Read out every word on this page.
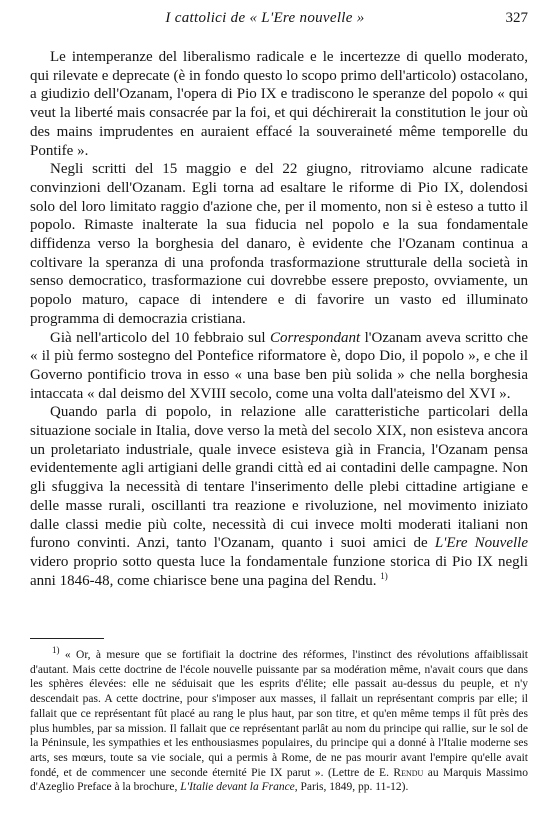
I cattolici de « L'Ere nouvelle »	327

Le intemperanze del liberalismo radicale e le incertezze di quello moderato, qui rilevate e deprecate (è in fondo questo lo scopo primo dell'articolo) ostacolano, a giudizio dell'Ozanam, l'opera di Pio IX e tradiscono le speranze del popolo « qui veut la liberté mais consacrée par la foi, et qui déchirerait la constitution le jour où des mains imprudentes en auraient effacé la souveraineté même temporelle du Pontife ».

Negli scritti del 15 maggio e del 22 giugno, ritroviamo alcune radicate convinzioni dell'Ozanam. Egli torna ad esaltare le riforme di Pio IX, dolendosi solo del loro limitato raggio d'azione che, per il momento, non si è esteso a tutto il popolo. Rimaste inalterate la sua fiducia nel popolo e la sua fondamentale diffidenza verso la borghesia del danaro, è evidente che l'Ozanam continua a coltivare la speranza di una profonda trasformazione strutturale della società in senso democratico, trasformazione cui dovrebbe essere preposto, ovviamente, un popolo maturo, capace di intendere e di favorire un vasto ed illuminato programma di democrazia cristiana.

Già nell'articolo del 10 febbraio sul Correspondant l'Ozanam aveva scritto che « il più fermo sostegno del Pontefice riformatore è, dopo Dio, il popolo », e che il Governo pontificio trova in esso « una base ben più solida » che nella borghesia intaccata « dal deismo del XVIII secolo, come una volta dall'ateismo del XVI ».

Quando parla di popolo, in relazione alle caratteristiche particolari della situazione sociale in Italia, dove verso la metà del secolo XIX, non esisteva ancora un proletariato industriale, quale invece esisteva già in Francia, l'Ozanam pensa evidentemente agli artigiani delle grandi città ed ai contadini delle campagne. Non gli sfuggiva la necessità di tentare l'inserimento delle plebi cittadine artigiane e delle masse rurali, oscillanti tra reazione e rivoluzione, nel movimento iniziato dalle classi medie più colte, necessità di cui invece molti moderati italiani non furono convinti. Anzi, tanto l'Ozanam, quanto i suoi amici de L'Ere Nouvelle videro proprio sotto questa luce la fondamentale funzione storica di Pio IX negli anni 1846-48, come chiarisce bene una pagina del Rendu. $^{1)}$

$^{1)}$ « Or, à mesure que se fortifiait la doctrine des réformes, l'instinct des révolutions affaiblissait d'autant. Mais cette doctrine de l'école nouvelle puissante par sa modération même, n'avait cours que dans les sphères élevées: elle ne séduisait que les esprits d'élite; elle passait au-dessus du peuple, et n'y descendait pas. A cette doctrine, pour s'imposer aux masses, il fallait un représentant compris par elle; il fallait que ce représentant fût placé au rang le plus haut, par son titre, et qu'en même temps il fût près des plus humbles, par sa mission. Il fallait que ce représentant parlât au nom du principe qui rallie, sur le sol de la Péninsule, les sympathies et les enthousiasmes populaires, du principe qui a donné à l'Italie moderne ses arts, ses mœurs, toute sa vie sociale, qui a permis à Rome, de ne pas mourir avant l'empire qu'elle avait fondé, et de commencer une seconde éternité Pie IX parut ». (Lettre de E. Rendu au Marquis Massimo d'Azeglio Preface à la brochure, L'Italie devant la France, Paris, 1849, pp. 11-12).
